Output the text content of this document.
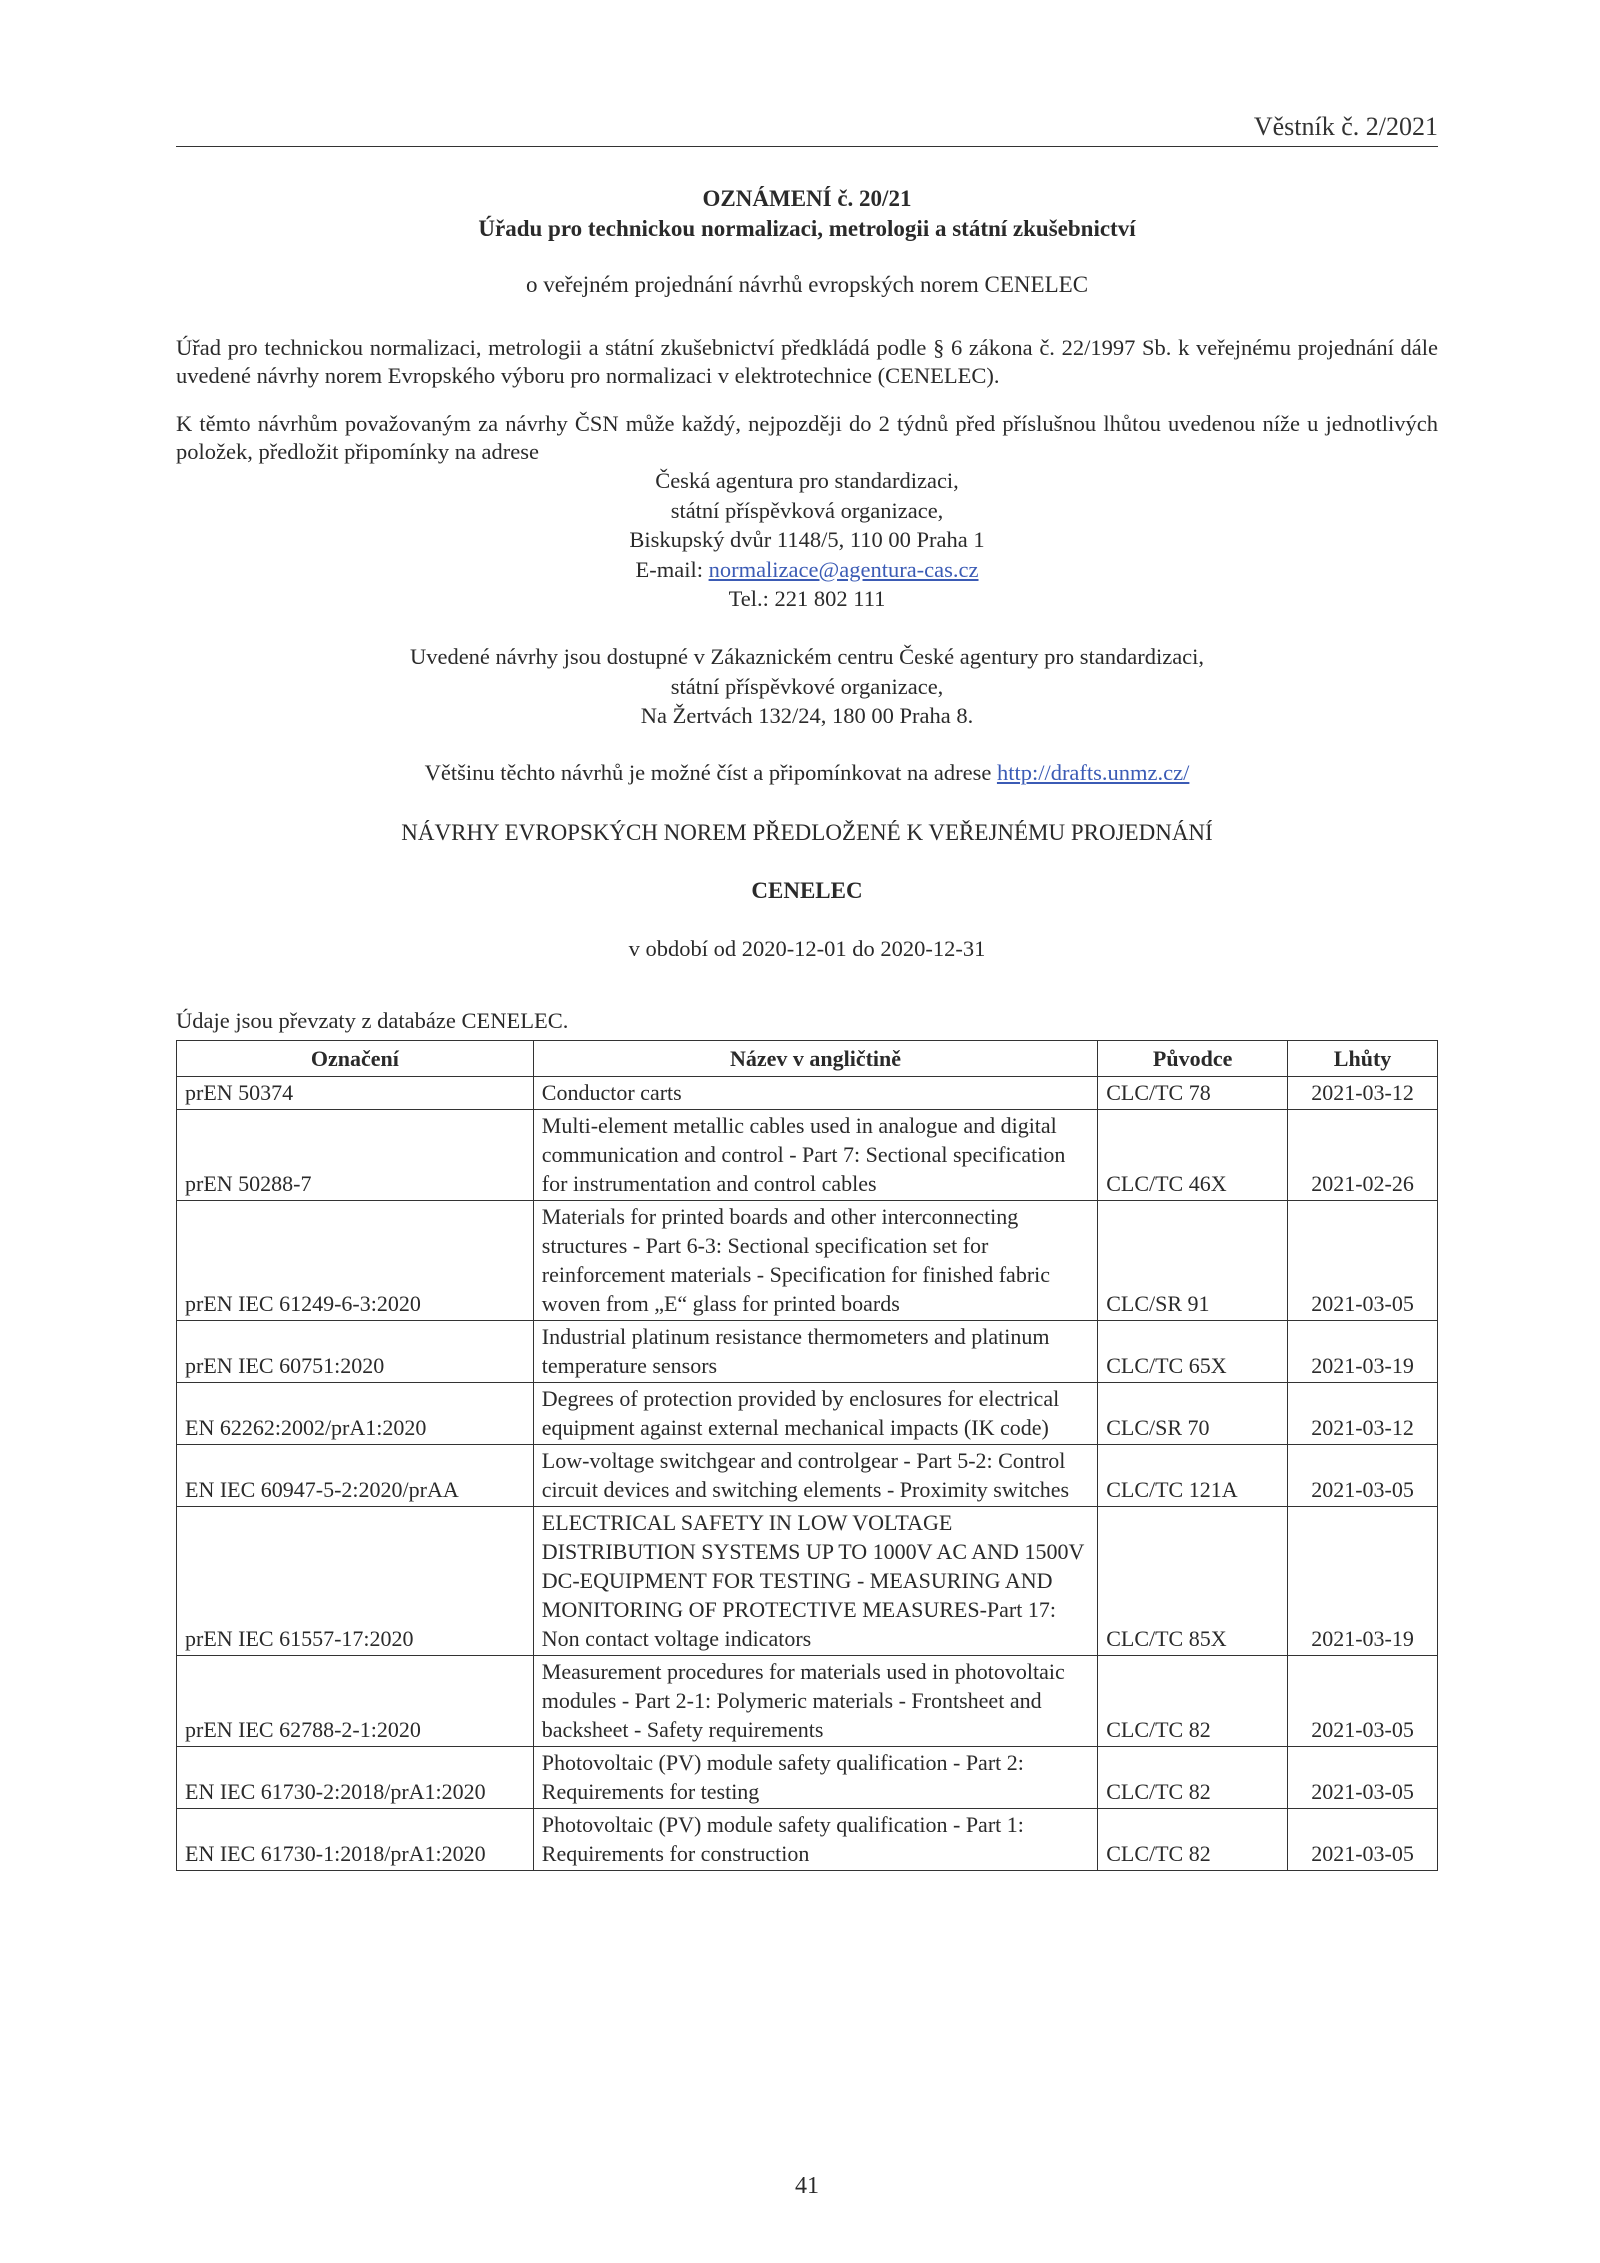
Věstník č. 2/2021
OZNÁMENÍ č. 20/21
Úřadu pro technickou normalizaci, metrologii a státní zkušebnictví
o veřejném projednání návrhů evropských norem CENELEC
Úřad pro technickou normalizaci, metrologii a státní zkušebnictví předkládá podle § 6 zákona č. 22/1997 Sb. k veřejnému projednání dále uvedené návrhy norem Evropského výboru pro normalizaci v elektrotechnice (CENELEC).
K těmto návrhům považovaným za návrhy ČSN může každý, nejpozději do 2 týdnů před příslušnou lhůtou uvedenou níže u jednotlivých položek, předložit připomínky na adrese
Česká agentura pro standardizaci,
státní příspěvková organizace,
Biskupský dvůr 1148/5, 110 00 Praha 1
E-mail: normalizace@agentura-cas.cz
Tel.: 221 802 111
Uvedené návrhy jsou dostupné v Zákaznickém centru České agentury pro standardizaci,
státní příspěvkové organizace,
Na Žertvách 132/24, 180 00 Praha 8.
Většinu těchto návrhů je možné číst a připomínkovat na adrese http://drafts.unmz.cz/
NÁVRHY EVROPSKÝCH NOREM PŘEDLOŽENÉ K VEŘEJNÉMU PROJEDNÁNÍ
CENELEC
v období od 2020-12-01 do 2020-12-31
Údaje jsou převzaty z databáze CENELEC.
Označení	Název v angličtině	Původce	Lhůty
prEN 50374	Conductor carts	CLC/TC 78	2021-03-12
prEN 50288-7	Multi-element metallic cables used in analogue and digital communication and control - Part 7: Sectional specification for instrumentation and control cables	CLC/TC 46X	2021-02-26
prEN IEC 61249-6-3:2020	Materials for printed boards and other interconnecting structures - Part 6-3: Sectional specification set for reinforcement materials - Specification for finished fabric woven from „E“ glass for printed boards	CLC/SR 91	2021-03-05
prEN IEC 60751:2020	Industrial platinum resistance thermometers and platinum temperature sensors	CLC/TC 65X	2021-03-19
EN 62262:2002/prA1:2020	Degrees of protection provided by enclosures for electrical equipment against external mechanical impacts (IK code)	CLC/SR 70	2021-03-12
EN IEC 60947-5-2:2020/prAA	Low-voltage switchgear and controlgear - Part 5-2: Control circuit devices and switching elements - Proximity switches	CLC/TC 121A	2021-03-05
prEN IEC 61557-17:2020	ELECTRICAL SAFETY IN LOW VOLTAGE DISTRIBUTION SYSTEMS UP TO 1000V AC AND 1500V DC-EQUIPMENT FOR TESTING - MEASURING AND MONITORING OF PROTECTIVE MEASURES-Part 17: Non contact voltage indicators	CLC/TC 85X	2021-03-19
prEN IEC 62788-2-1:2020	Measurement procedures for materials used in photovoltaic modules - Part 2-1: Polymeric materials - Frontsheet and backsheet - Safety requirements	CLC/TC 82	2021-03-05
EN IEC 61730-2:2018/prA1:2020	Photovoltaic (PV) module safety qualification - Part 2: Requirements for testing	CLC/TC 82	2021-03-05
EN IEC 61730-1:2018/prA1:2020	Photovoltaic (PV) module safety qualification - Part 1: Requirements for construction	CLC/TC 82	2021-03-05
41
